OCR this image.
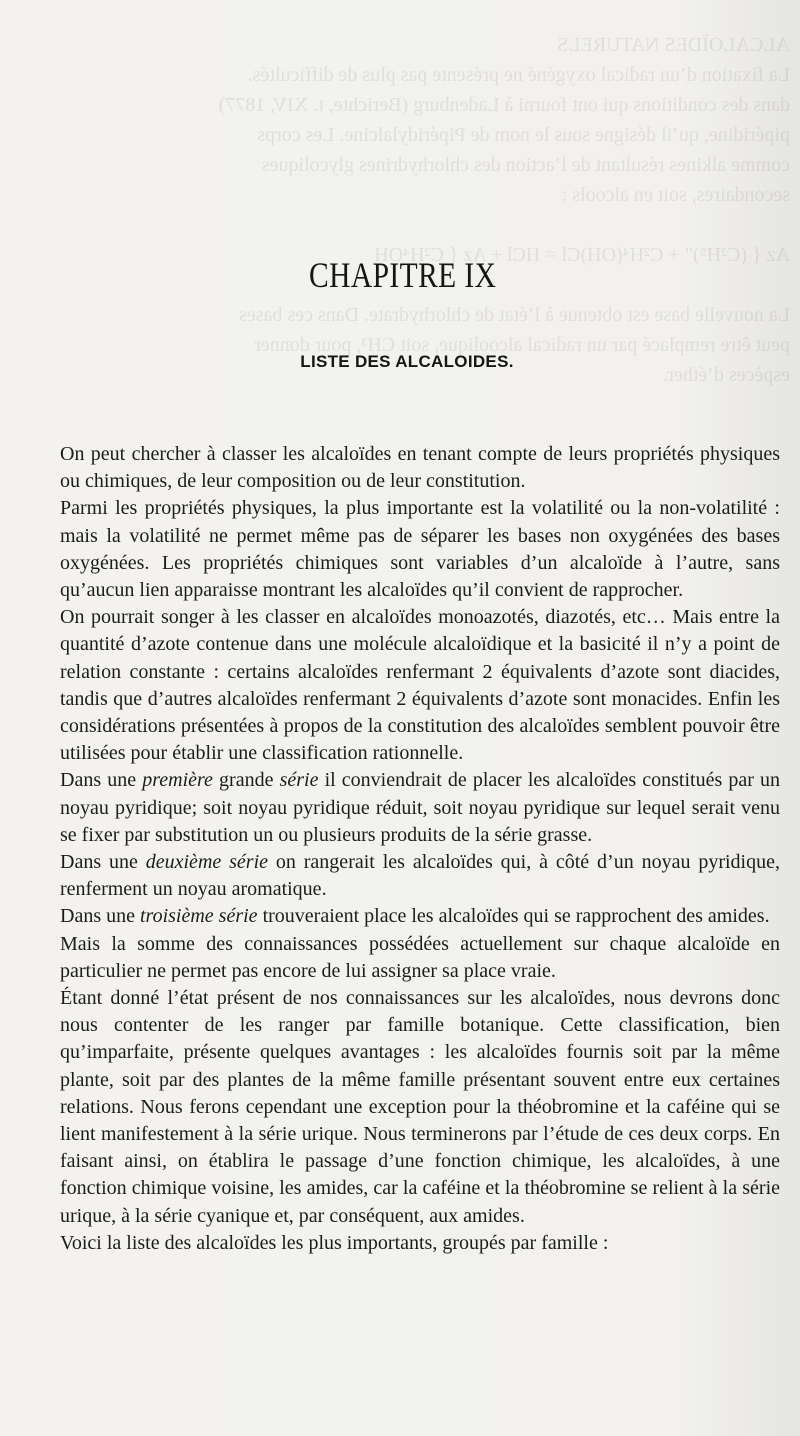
ALCALOÏDES NATURELS
La fixation d’un radical oxygéné ne présente pas plus de difficultés.
dans des conditions qui ont fourni à Ladenburg (Berichte, t. XIV, 1877)
pipéridine, qu’il désigne sous le nom de Pipéridylalcine. Les corps
comme alkines résultant de l’action des chlorhydrines glycoliques
secondaires, soit en alcools :

Az { (C²H⁵)″ + C²H⁴(OH)Cl = HCl + Az { C²H⁴OH

La nouvelle base est obtenue à l’état de chlorhydrate. Dans ces bases
peut être remplacé par un radical alcoolique, soit CH³, pour donner
espèces d’éther.
CHAPITRE IX
LISTE DES ALCALOIDES.

On peut chercher à classer les alcaloïdes en tenant compte de leurs propriétés physiques ou chimiques, de leur composition ou de leur constitution.

Parmi les propriétés physiques, la plus importante est la volatilité ou la non-volatilité : mais la volatilité ne permet même pas de séparer les bases non oxygénées des bases oxygénées. Les propriétés chimiques sont variables d’un alcaloïde à l’autre, sans qu’aucun lien apparaisse montrant les alcaloïdes qu’il convient de rapprocher.

On pourrait songer à les classer en alcaloïdes monoazotés, diazotés, etc… Mais entre la quantité d’azote contenue dans une molécule alcaloïdique et la basicité il n’y a point de relation constante : certains alcaloïdes renfermant 2 équivalents d’azote sont diacides, tandis que d’autres alcaloïdes renfermant 2 équivalents d’azote sont monacides. Enfin les considérations présentées à propos de la constitution des alcaloïdes semblent pouvoir être utilisées pour établir une classification rationnelle.

Dans une première grande série il conviendrait de placer les alcaloïdes constitués par un noyau pyridique; soit noyau pyridique réduit, soit noyau pyridique sur lequel serait venu se fixer par substitution un ou plusieurs produits de la série grasse.

Dans une deuxième série on rangerait les alcaloïdes qui, à côté d’un noyau pyridique, renferment un noyau aromatique.

Dans une troisième série trouveraient place les alcaloïdes qui se rapprochent des amides.

Mais la somme des connaissances possédées actuellement sur chaque alcaloïde en particulier ne permet pas encore de lui assigner sa place vraie.

Étant donné l’état présent de nos connaissances sur les alcaloïdes, nous devrons donc nous contenter de les ranger par famille botanique. Cette classification, bien qu’imparfaite, présente quelques avantages : les alcaloïdes fournis soit par la même plante, soit par des plantes de la même famille présentant souvent entre eux certaines relations. Nous ferons cependant une exception pour la théobromine et la caféine qui se lient manifestement à la série urique. Nous terminerons par l’étude de ces deux corps. En faisant ainsi, on établira le passage d’une fonction chimique, les alcaloïdes, à une fonction chimique voisine, les amides, car la caféine et la théobromine se relient à la série urique, à la série cyanique et, par conséquent, aux amides.

Voici la liste des alcaloïdes les plus importants, groupés par famille :
